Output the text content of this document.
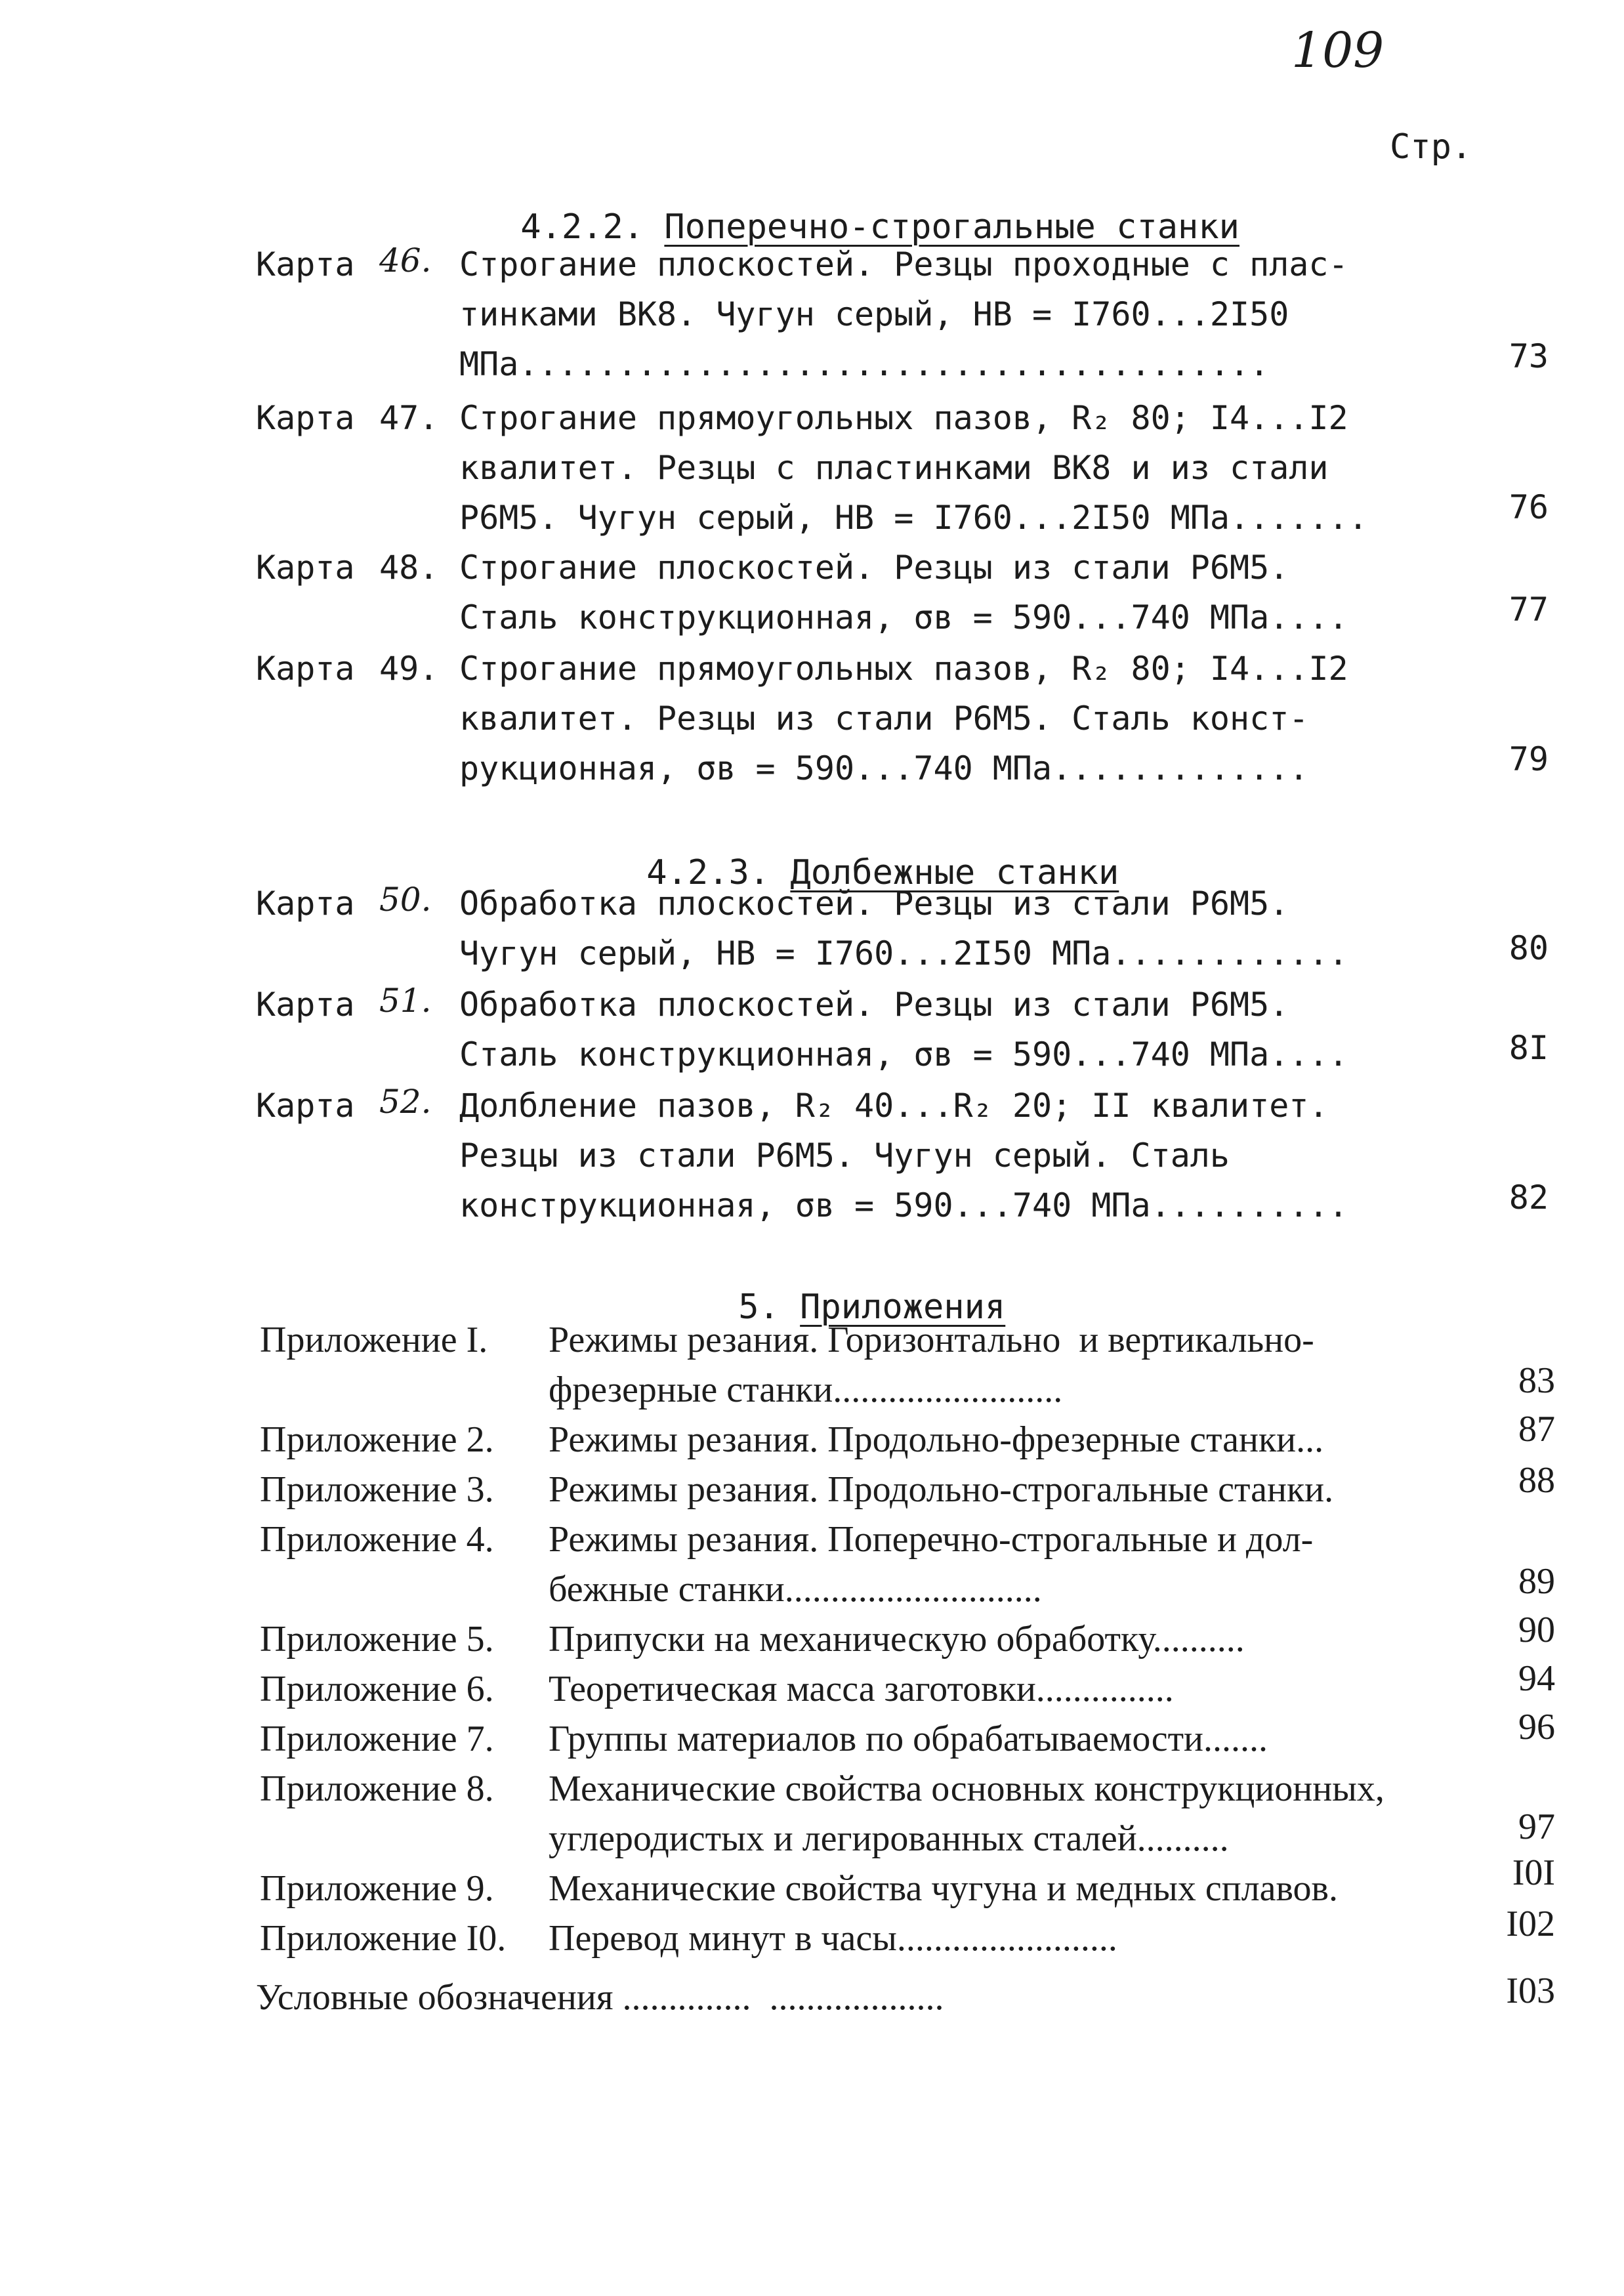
109
Стр.

4.2.2. Поперечно-строгальные станки

Карта 46. Строгание плоскостей. Резцы проходные с плас-
тинками ВК8. Чугун серый, НВ = I760...2I50
МПа......................................	73
Карта 47. Строгание прямоугольных пазов, R₂ 80; I4...I2
квалитет. Резцы с пластинками ВК8 и из стали
Р6М5. Чугун серый, НВ = I760...2I50 МПа.......	76
Карта 48. Строгание плоскостей. Резцы из стали Р6М5.
Сталь конструкционная, σв = 590...740 МПа....	77
Карта 49. Строгание прямоугольных пазов, R₂ 80; I4...I2
квалитет. Резцы из стали Р6М5. Сталь конст-
рукционная, σв = 590...740 МПа.............	79

4.2.3. Долбежные станки

Карта 50. Обработка плоскостей. Резцы из стали Р6М5.
Чугун серый, НВ = I760...2I50 МПа............	80
Карта 51. Обработка плоскостей. Резцы из стали Р6М5.
Сталь конструкционная, σв = 590...740 МПа....	8I
Карта 52. Долбление пазов, R₂ 40...R₂ 20; II квалитет.
Резцы из стали Р6М5. Чугун серый. Сталь
конструкционная, σв = 590...740 МПа..........	82

5. Приложения

Приложение I. Режимы резания. Горизонтально  и вертикально-
фрезерные станки.........................	83
Приложение 2. Режимы резания. Продольно-фрезерные станки...	87
Приложение 3. Режимы резания. Продольно-строгальные станки.	88
Приложение 4. Режимы резания. Поперечно-строгальные и дол-
бежные станки............................	89
Приложение 5. Припуски на механическую обработку..........	90
Приложение 6. Теоретическая масса заготовки...............	94
Приложение 7. Группы материалов по обрабатываемости.......	96
Приложение 8. Механические свойства основных конструкционных,
углеродистых и легированных сталей..........	97
Приложение 9. Механические свойства чугуна и медных сплавов.	I0I
Приложение I0. Перевод минут в часы........................	I02
Условные обозначения ..............  ...................	I03
